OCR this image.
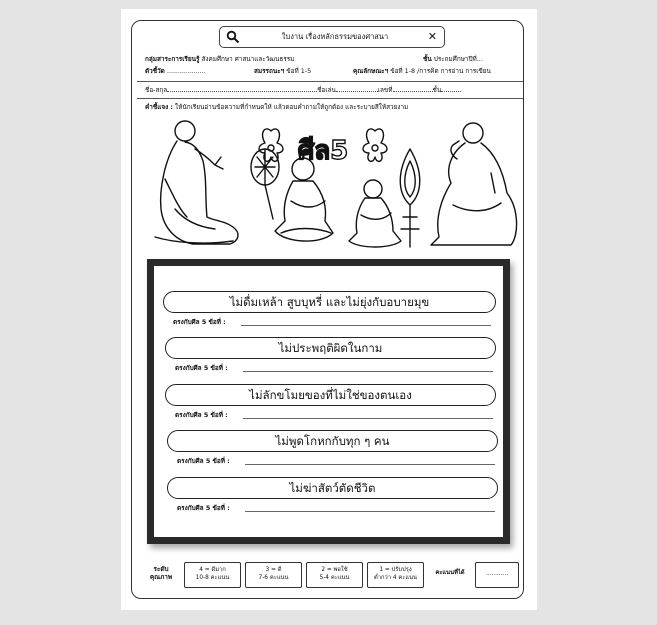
ใบงาน เรื่องหลักธรรมของศาสนา	✕
กลุ่มสาระการเรียนรู้ สังคมศึกษา ศาสนาและวัฒนธรรม	ชั้น ประถมศึกษาปีที่...
ตัวชี้วัด ...................	สมรรถนะฯ ข้อที่ 1-5	คุณลักษณะฯ ข้อที่ 1-8 /การคิด การอ่าน การเขียน
ชื่อ-สกุล	ชื่อเล่น	เลขที่	ชั้น
คำชี้แจง : ให้นักเรียนอ่านข้อความที่กำหนดให้ แล้วตอบคำถามให้ถูกต้อง และระบายสีให้สวยงาม
ศีล5
ไม่ดื่มเหล้า สูบบุหรี่ และไม่ยุ่งกับอบายมุข
ตรงกับศีล 5 ข้อที่ :
ไม่ประพฤติผิดในกาม
ตรงกับศีล 5 ข้อที่ :
ไม่ลักขโมยของที่ไม่ใช่ของตนเอง
ตรงกับศีล 5 ข้อที่ :
ไม่พูดโกหกกับทุก ๆ คน
ตรงกับศีล 5 ข้อที่ :
ไม่ฆ่าสัตว์ตัดชีวิต
ตรงกับศีล 5 ข้อที่ :
ระดับ
คุณภาพ
4 = ดีมาก
10-8 คะแนน
3 = ดี
7-6 คะแนน
2 = พอใช้
5-4 คะแนน
1 = ปรับปรุง
ต่ำกว่า 4 คะแนน
คะแนนที่ได้	............
